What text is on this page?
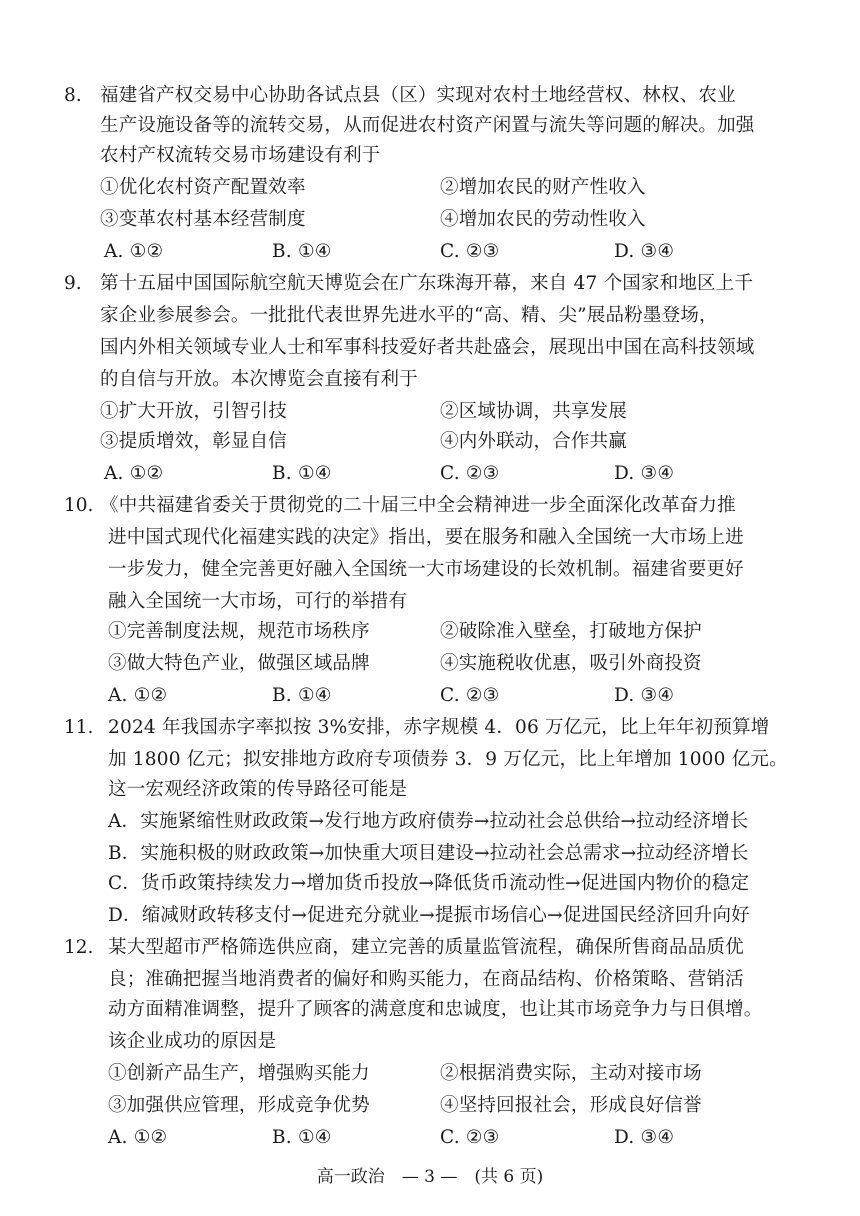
8. 福建省产权交易中心协助各试点县（区）实现对农村土地经营权、林权、农业
生产设施设备等的流转交易，从而促进农村资产闲置与流失等问题的解决。加强
农村产权流转交易市场建设有利于
①优化农村资产配置效率	②增加农民的财产性收入
③变革农村基本经营制度	④增加农民的劳动性收入
A. ①②	B. ①④	C. ②③	D. ③④
9. 第十五届中国国际航空航天博览会在广东珠海开幕，来自 47 个国家和地区上千
家企业参展参会。一批批代表世界先进水平的“高、精、尖”展品粉墨登场，
国内外相关领域专业人士和军事科技爱好者共赴盛会，展现出中国在高科技领域
的自信与开放。本次博览会直接有利于
①扩大开放，引智引技	②区域协调，共享发展
③提质增效，彰显自信	④内外联动，合作共赢
A. ①②	B. ①④	C. ②③	D. ③④
10. 《中共福建省委关于贯彻党的二十届三中全会精神进一步全面深化改革奋力推
进中国式现代化福建实践的决定》指出，要在服务和融入全国统一大市场上进
一步发力，健全完善更好融入全国统一大市场建设的长效机制。福建省要更好
融入全国统一大市场，可行的举措有
①完善制度法规，规范市场秩序	②破除准入壁垒，打破地方保护
③做大特色产业，做强区域品牌	④实施税收优惠，吸引外商投资
A. ①②	B. ①④	C. ②③	D. ③④
11. 2024 年我国赤字率拟按 3%安排，赤字规模 4．06 万亿元，比上年年初预算增
加 1800 亿元；拟安排地方政府专项债券 3．9 万亿元，比上年增加 1000 亿元。
这一宏观经济政策的传导路径可能是
A．实施紧缩性财政政策→发行地方政府债券→拉动社会总供给→拉动经济增长
B．实施积极的财政政策→加快重大项目建设→拉动社会总需求→拉动经济增长
C．货币政策持续发力→增加货币投放→降低货币流动性→促进国内物价的稳定
D．缩减财政转移支付→促进充分就业→提振市场信心→促进国民经济回升向好
12. 某大型超市严格筛选供应商，建立完善的质量监管流程，确保所售商品品质优
良；准确把握当地消费者的偏好和购买能力，在商品结构、价格策略、营销活
动方面精准调整，提升了顾客的满意度和忠诚度，也让其市场竞争力与日俱增。
该企业成功的原因是
①创新产品生产，增强购买能力	②根据消费实际，主动对接市场
③加强供应管理，形成竞争优势	④坚持回报社会，形成良好信誉
A. ①②	B. ①④	C. ②③	D. ③④
高一政治　— 3 —　(共 6 页)
